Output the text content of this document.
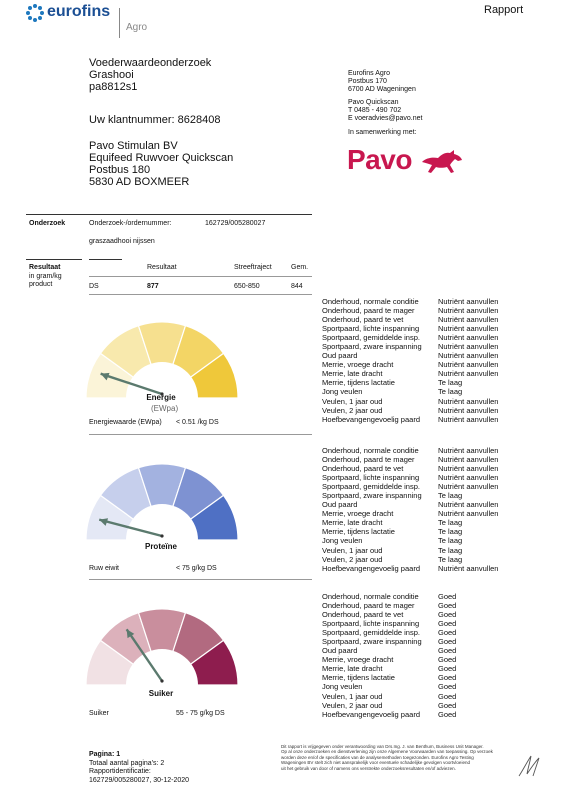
eurofins
Agro
Rapport
Voederwaardeonderzoek
Grashooi
pa8812s1
Uw klantnummer: 8628408
Pavo Stimulan BV
Equifeed Ruwvoer Quickscan
Postbus 180
5830 AD BOXMEER
Eurofins Agro
Postbus 170
6700 AD Wageningen
Pavo Quickscan
T 0485 - 490 702
E voeradvies@pavo.net
In samenwerking met:
Pavo
Onderzoek	Onderzoek-/ordernummer:	162729/005280027
graszaadhooi nijssen
Resultaat
in gram/kg
product
Resultaat	Streeftraject	Gem.
DS	877	650-850	844
Energie
(EWpa)
Energiewaarde (EWpa) < 0.51 /kg DS
Onderhoud, normale conditie	Nutriënt aanvullen
Onderhoud, paard te mager	Nutriënt aanvullen
Onderhoud, paard te vet	Nutriënt aanvullen
Sportpaard, lichte inspanning	Nutriënt aanvullen
Sportpaard, gemiddelde insp. Nutriënt aanvullen
Sportpaard, zware inspanning Nutriënt aanvullen
Oud paard	Nutriënt aanvullen
Merrie, vroege dracht	Nutriënt aanvullen
Merrie, late dracht	Nutriënt aanvullen
Merrie, tijdens lactatie	Te laag
Jong veulen	Te laag
Veulen, 1 jaar oud	Nutriënt aanvullen
Veulen, 2 jaar oud	Nutriënt aanvullen
Hoefbevangengevoelig paard Nutriënt aanvullen
Proteïne
Ruw eiwit	< 75 g/kg DS
Onderhoud, normale conditie	Nutriënt aanvullen
Onderhoud, paard te mager	Nutriënt aanvullen
Onderhoud, paard te vet	Nutriënt aanvullen
Sportpaard, lichte inspanning	Nutriënt aanvullen
Sportpaard, gemiddelde insp. Nutriënt aanvullen
Sportpaard, zware inspanning Te laag
Oud paard	Nutriënt aanvullen
Merrie, vroege dracht	Nutriënt aanvullen
Merrie, late dracht	Te laag
Merrie, tijdens lactatie	Te laag
Jong veulen	Te laag
Veulen, 1 jaar oud	Te laag
Veulen, 2 jaar oud	Te laag
Hoefbevangengevoelig paard Nutriënt aanvullen
Suiker
Suiker	55 - 75 g/kg DS
Onderhoud, normale conditie	Goed
Onderhoud, paard te mager	Goed
Onderhoud, paard te vet	Goed
Sportpaard, lichte inspanning	Goed
Sportpaard, gemiddelde insp. Goed
Sportpaard, zware inspanning Goed
Oud paard	Goed
Merrie, vroege dracht	Goed
Merrie, late dracht	Goed
Merrie, tijdens lactatie	Goed
Jong veulen	Goed
Veulen, 1 jaar oud	Goed
Veulen, 2 jaar oud	Goed
Hoefbevangengevoelig paard Goed
Pagina: 1
Totaal aantal pagina's: 2
Rapportidentificatie:
162729/005280027, 30-12-2020
Dit rapport is vrijgegeven onder verantwoording van Drs.Ing. J. van Benthum, Business Unit Manager.
Op al onze onderzoeken en dienstverlening zijn onze Algemene Voorwaarden van toepassing. Op verzoek
worden deze en/of de specificaties van de analysemethoden toegezonden. Eurofins Agro Testing
Wageningen BV stelt zich niet aansprakelijk voor eventuele schadelijke gevolgen voortvloeiend
uit het gebruik van door of namens ons verstrekte onderzoeksresultaten en/of adviezen.
